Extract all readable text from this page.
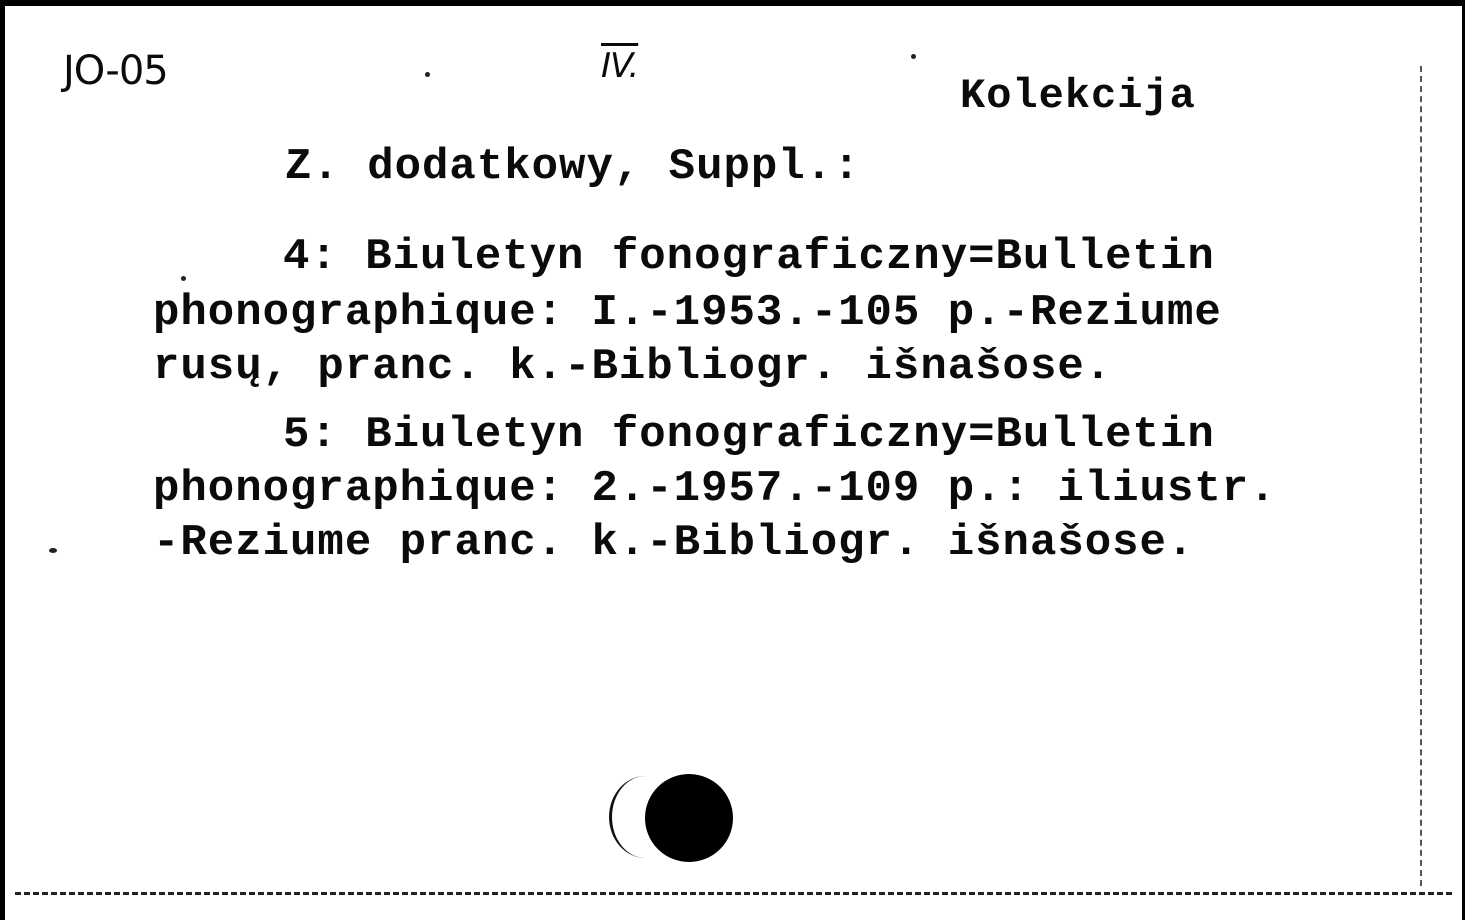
JO-05	IV.
Kolekcija
Z. dodatkowy, Suppl.:
4: Biuletyn fonograficzny=Bulletin
phonographique: I.-1953.-105 p.-Reziume
rusų, pranc. k.-Bibliogr. išnašose.
5: Biuletyn fonograficzny=Bulletin
phonographique: 2.-1957.-109 p.: iliustr.
-Reziume pranc. k.-Bibliogr. išnašose.
